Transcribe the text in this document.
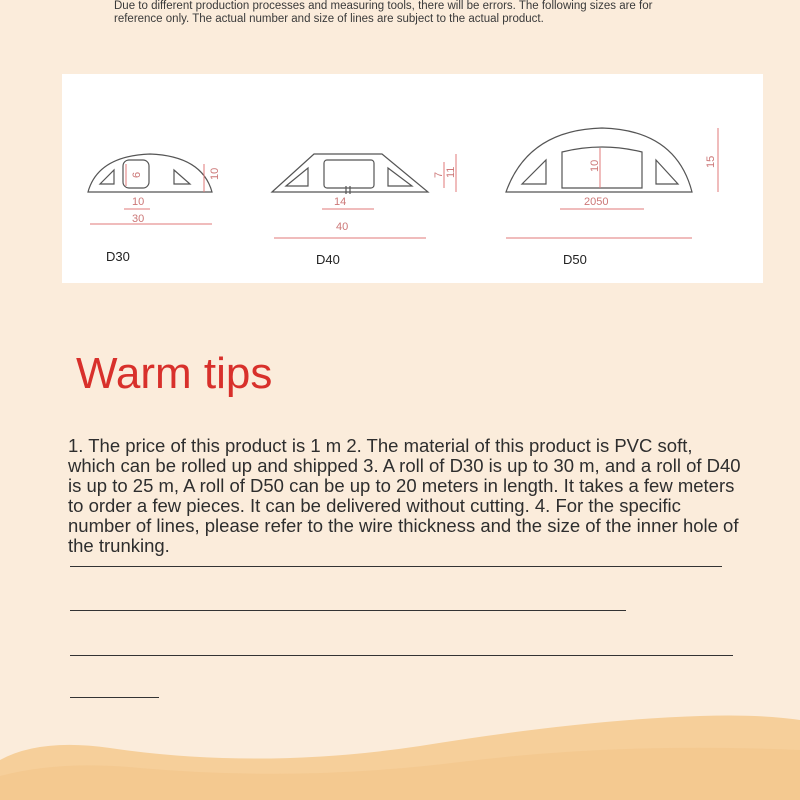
Due to different production processes and measuring tools, there will be errors. The following sizes are for reference only. The actual number and size of lines are subject to the actual product.
10
6
10
30
7 11
14
40
10	15
2050
D30	D40	D50
Warm tips
1. The price of this product is 1 m 2. The material of this product is PVC soft, which can be rolled up and shipped 3. A roll of D30 is up to 30 m, and a roll of D40 is up to 25 m, A roll of D50 can be up to 20 meters in length. It takes a few meters to order a few pieces. It can be delivered without cutting. 4. For the specific number of lines, please refer to the wire thickness and the size of the inner hole of the trunking.
